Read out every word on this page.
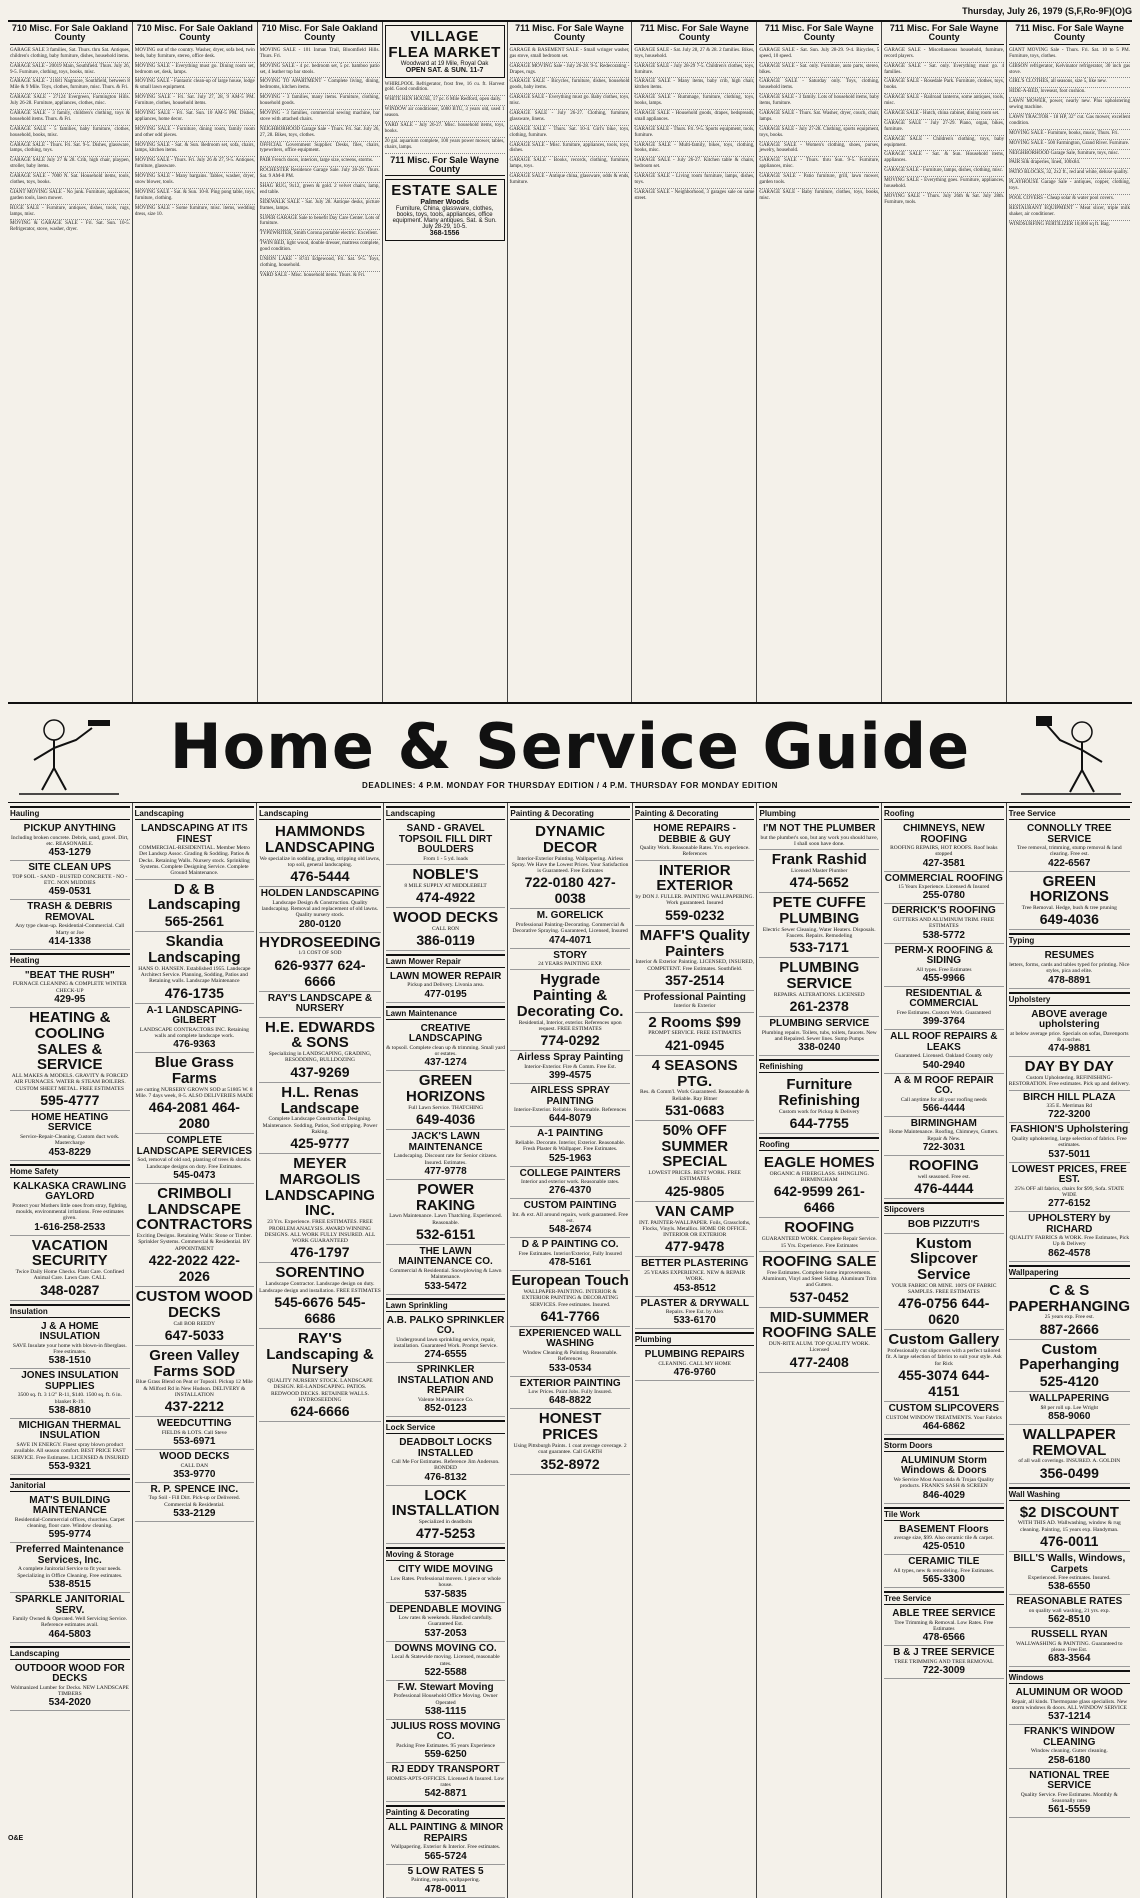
Thursday, July 26, 1979 (S,F,Ro-9F)(O)G
710 Misc. For Sale Oakland County
GARAGE SALE 3 families, Sat. Thurs. thru Sat. Antiques, children's clothing, baby furniture, dishes, household items.
GARAGE SALE - 20019 Main, Southfield. Thurs. July 26, 9-5. Furniture, clothing, toys, books, misc.
GARAGE SALE - 21681 Nagmore, Southfield, between 8 Mile & 9 Mile. Toys, clothes, furniture, misc. Thurs. & Fri.
GARAGE SALE - 27124 Evergreen, Farmington Hills. July 26-28. Furniture, appliances, clothes, misc.
GARAGE SALE - 3 family, children's clothing, toys & household items. Thurs. & Fri.
GARAGE SALE - 5 families, baby furniture, clothes, household, books, misc.
GARAGE SALE - Thurs. Fri. Sat. 9-5. Dishes, glassware, lamps, clothing, toys.
GARAGE SALE July 27 & 28. Crib, high chair, playpen, stroller, baby items.
GARAGE SALE - 7000 N. Sat. Household items, tools, clothes, toys, books.
GIANT MOVING SALE - No junk. Furniture, appliances, garden tools, lawn mower.
HUGE SALE - Furniture, antiques, dishes, tools, rugs, lamps, misc.
MOVING & GARAGE SALE - Fri. Sat. Sun. 10-5. Refrigerator, stove, washer, dryer.
710 Misc. For Sale Oakland County
MOVING out of the country. Washer, dryer, sofa bed, twin beds, baby furniture, stereo, office desk.
MOVING SALE - Everything must go. Dining room set, bedroom set, desk, lamps.
MOVING SALE - Fantastic clean-up of large house, lodge & small lawn equipment.
MOVING SALE - Fri. Sat. July 27, 28, 9 AM-5 PM. Furniture, clothes, household items.
MOVING SALE - Fri. Sat. Sun. 10 AM-5 PM. Dishes, appliances, home decor.
MOVING SALE - Furniture, dining room, family room and other odd pieces.
MOVING SALE - Sat. & Sun. Bedroom set, sofa, chairs, lamps, kitchen items.
MOVING SALE - Thurs. Fri. July 26 & 27, 9-5. Antiques, furniture, glassware.
MOVING SALE - Many bargains. Tables, washer, dryer, snow blower, tools.
MOVING SALE - Sat. & Sun. 10-8. Ping pong table, toys, furniture, clothing.
MOVING SALE - Some furniture, misc. items, wedding dress, size 10.
710 Misc. For Sale Oakland County
MOVING SALE - 101 Inman Trail, Bloomfield Hills. Thurs. Fri.
MOVING SALE - 4 pc. bedroom set, 5 pc. bamboo patio set, 4 leather top bar stools.
MOVING TO APARTMENT - Complete living, dining, bedrooms, kitchen items.
MOVING - 3 families, many items. Furniture, clothing, household goods.
MOVING - 3 families, commercial sewing machine, bar stove with attached chairs.
NEIGHBORHOOD Garage Sale - Thurs. Fri. Sat. July 26, 27, 28. Bikes, toys, clothes.
OFFICIAL Government Supplier. Desks, files, chairs, typewriters, office equipment.
PAIR French doors, interiors, large size, screens, storms.
ROCHESTER Residence Garage Sale. July 28-29. Thurs. Sat. 9 AM-8 PM.
SHAG RUG, 9x12, green & gold. 2 velvet chairs, lamp, end table.
SIDEWALK SALE - Sat. July 28. Antique desks, picture frames, lamps.
SUPER GARAGE Sale to benefit Day Care Center. Lots of furniture.
TYPEWRITER, Smith Corona portable electric. Excellent.
TWIN BED, light wood, double dresser, mattress complete, good condition.
UNION LAKE - 8741 Edgewood, Fri. Sat. 9-5. Toys, clothing, household.
YARD SALE - Misc. household items. Thurs. & Fri.
VILLAGE FLEA MARKET
Woodward at 19 Mile, Royal Oak
OPEN SAT. & SUN. 11-7
WHIRLPOOL Refrigerator, frost free, 16 cu. ft. Harvest gold. Good condition.
WHITE HEN HOUSE, 17 pc. 6 Mile Redford, open daily.
WINDOW air conditioner, 5000 BTU, 3 years old, used 1 season.
YARD SALE - July 26-27. Misc. household items, toys, books.
20 gal. aquarium complete, 100 years power mower, tables, chairs, lamps.
711 Misc. For Sale Wayne County
ESTATE SALE
Palmer Woods
Furniture, China, glassware, clothes, books, toys, tools, appliances, office equipment. Many antiques. Sat. & Sun. July 28-29, 10-5.
368-1556
711 Misc. For Sale Wayne County
GARAGE & BASEMENT SALE - Small wringer washer, gas stove, small bedroom set.
GARAGE MOVING Sale - July 26-28. 9-5. Redecorating - Drapes, rugs.
GARAGE SALE - Bicycles, furniture, dishes, household goods, baby items.
GARAGE SALE - Everything must go. Baby clothes, toys, misc.
GARAGE SALE - July 26-27. Clothing, furniture, glassware, linens.
GARAGE SALE - Thurs. Sat. 10-4. Girl's bike, toys, clothing, furniture.
GARAGE SALE - Misc. furniture, appliances, tools, toys, dishes.
GARAGE SALE - Books, records, clothing, furniture, lamps, toys.
GARAGE SALE - Antique china, glassware, odds & ends, furniture.
711 Misc. For Sale Wayne County
GARAGE SALE - Sat. July 28, 27 & 28. 2 families. Bikes, toys, household.
GARAGE SALE - July 28-29 7-5. Children's clothes, toys, furniture.
GARAGE SALE - Many items, baby crib, high chair, kitchen items.
GARAGE SALE - Rummage, furniture, clothing, toys, books, lamps.
GARAGE SALE - Household goods, drapes, bedspreads, small appliances.
GARAGE SALE - Thurs. Fri. 9-5. Sports equipment, tools, furniture.
GARAGE SALE - Multi-family, bikes, toys, clothing, books, misc.
GARAGE SALE - July 26-27. Kitchen table & chairs, bedroom set.
GARAGE SALE - Living room furniture, lamps, dishes, toys.
GARAGE SALE - Neighborhood, 3 garages sale on same street.
711 Misc. For Sale Wayne County
GARAGE SALE - Sat. Sun. July 28-29. 9-4. Bicycles, 5 speed, 10 speed.
GARAGE SALE - Sat. only. Furniture, auto parts, stereo, bikes.
GARAGE SALE - Saturday only. Toys, clothing, household items.
GARAGE SALE - 3 family. Lots of household items, baby items, furniture.
GARAGE SALE - Thurs. Sat. Washer, dryer, couch, chair, lamps.
GARAGE SALE - July 27-28. Clothing, sports equipment, toys, books.
GARAGE SALE - Women's clothing, shoes, purses, jewelry, household.
GARAGE SALE - Thurs. thru Sun. 9-5. Furniture, appliances, misc.
GARAGE SALE - Patio furniture, grill, lawn mower, garden tools.
GARAGE SALE - Baby furniture, clothes, toys, books, misc.
711 Misc. For Sale Wayne County
GARAGE SALE - Miscellaneous household, furniture, record players.
GARAGE SALE - Sat. only. Everything must go. 4 families.
GARAGE SALE - Rosedale Park. Furniture, clothes, toys, books.
GARAGE SALE - Railroad lanterns, some antiques, tools, misc.
GARAGE SALE - Hutch, china cabinet, dining room set.
GARAGE SALE - July 27-29. Piano, organ, bikes, furniture.
GARAGE SALE - Children's clothing, toys, baby equipment.
GARAGE SALE - Sat. & Sun. Household items, appliances.
GARAGE SALE - Furniture, lamps, dishes, clothing, misc.
MOVING SALE - Everything goes. Furniture, appliances, household.
MOVING SALE - Thurs. July 26th & Sat. July 28th. Furniture, tools.
711 Misc. For Sale Wayne County
GIANT MOVING Sale - Thurs. Fri. Sat. 10 to 5 PM. Furniture, toys, clothes.
GIBSON refrigerator, Kelvinator refrigerator, 30 inch gas stove.
GIRL'S CLOTHES, all seasons, size 5, like new.
HIDE-A-BED, loveseat, foot cushion.
LAWN MOWER, power, nearly new. Plus upholstering sewing machine.
LAWN TRACTOR - 18 HP, 32" cut. Gas mower, excellent condition.
MOVING SALE - Furniture, books, music, Thurs. Fri.
MOVING SALE - 500 Farmington, Grand River. Furniture.
NEIGHBORHOOD Garage Sale, furniture, toys, misc.
PAIR Silk draperies, lined, 100x84.
PATIO BLOCKS, 32, 2x2 ft., red and white, deluxe quality.
PLAYHOUSE Garage Sale - antiques, copper, clothing, toys.
POOL COVERS - Cheap solar & water pool covers.
RESTAURANT EQUIPMENT - Meat slicer, triple milk shaker, air conditioner.
WINDSURFING FERTILIZER 10,000 sq ft. Bag.
Home & Service Guide
DEADLINES: 4 P.M. MONDAY FOR THURSDAY EDITION / 4 P.M. THURSDAY FOR MONDAY EDITION
Hauling
PICKUP ANYTHING
Including broken concrete. Debris, sand, gravel. Dirt, etc. REASONABLE.
453-1279
SITE CLEAN UPS
TOP SOIL - SAND - BUSTED CONCRETE - NO - ETC. NON MUDDIES
459-0531
TRASH & DEBRIS REMOVAL
Any type clean-up. Residential-Commercial. Call Marty or Joe
414-1338
Heating
"BEAT THE RUSH"
FURNACE CLEANING & COMPLETE WINTER CHECK-UP
429-95
HEATING & COOLING SALES & SERVICE
ALL MAKES & MODELS. GRAVITY & FORCED AIR FURNACES. WATER & STEAM BOILERS. CUSTOM SHEET METAL. FREE ESTIMATES
595-4777
HOME HEATING SERVICE
Service-Repair-Cleaning. Custom duct work. Mastercharge
453-8229
Home Safety
KALKASKA CRAWLING GAYLORD
Protect your Mothers little ones from stray, fighting, moulds, environmental irritations. Free estimates given.
1-616-258-2533
VACATION SECURITY
Twice Daily Home Checks. Plant Care. Confined Animal Care. Lawn Care. CALL
348-0287
Insulation
J & A HOME INSULATION
SAVE Insulate your home with blown-in fiberglass. Free estimates.
538-1510
JONES INSULATION SUPPLIES
3500 sq. ft. 3 1/2" R-11, $140. 1500 sq. ft. 6 in. blanket R-19.
538-8810
MICHIGAN THERMAL INSULATION
SAVE IN ENERGY. Finest spray blown product available. All season comfort. BEST PRICE FAST SERVICE. Free Estimates. LICENSED & INSURED
553-9321
Janitorial
MAT'S BUILDING MAINTENANCE
Residential-Commercial offices, churches. Carpet cleaning, floor care. Window cleaning.
595-9774
Preferred Maintenance Services, Inc.
A complete Janitorial Service to fit your needs. Specializing in Office Cleaning. Free estimates.
538-8515
SPARKLE JANITORIAL SERV.
Family Owned & Operated. Well Servicing Service. Reference estimates avail.
464-5803
Landscaping
OUTDOOR WOOD FOR DECKS
Wolmanized Lumber for Decks. NEW LANDSCAPE TIMBERS
534-2020
Landscaping
LANDSCAPING AT ITS FINEST
COMMERCIAL-RESIDENTIAL. Member Metro Det Landscp Assoc. Grading & Sodding. Patios & Decks. Retaining Walls. Nursery stock. Sprinkling Systems. Complete Designing Service. Complete Ground Maintenance.
D & B Landscaping
565-2561
Skandia Landscaping
HANS O. HANSEN. Established 1955. Landscape Architect Service. Planning, Sodding, Patios and Retaining walls. Landscape Maintenance
476-1735
A-1 LANDSCAPING-GILBERT
LANDSCAPE CONTRACTORS INC. Retaining walls and complete landscape work.
476-9363
Blue Grass Farms
are cutting NURSERY GROWN SOD at 51805 W. 8 Mile. 7 days week, 8-5. ALSO DELIVERIES MADE
464-2081 464-2080
COMPLETE LANDSCAPE SERVICES
Sod, removal of old sod, planting of trees & shrubs. Landscape designs on duty. Free Estimates.
545-0473
CRIMBOLI LANDSCAPE CONTRACTORS
Exciting Designs. Retaining Walls: Stone or Timber. Sprinkler Systems. Commercial & Residential. BY APPOINTMENT
422-2022 422-2026
CUSTOM WOOD DECKS
Call BOB REEDY
647-5033
Green Valley Farms SOD
Blue Grass Blend on Peat or Topsoil. Pickup 12 Mile & Milford Rd in New Hudson. DELIVERY & INSTALLATION
437-2212
WEEDCUTTING
FIELDS & LOTS. Call Steve
553-6971
WOOD DECKS
CALL DAN
353-9770
R. P. SPENCE INC.
Top Soil - Fill Dirt. Pick-up or Delivered. Commercial & Residential.
533-2129
Landscaping
HAMMONDS LANDSCAPING
We specialize in sodding, grading, stripping old lawns, top soil, general landscaping.
476-5444
HOLDEN LANDSCAPING
Landscape Design & Construction. Quality landscaping. Removal and replacement of old lawns. Quality nursery stock.
280-0120
HYDROSEEDING
1/3 COST OF SOD
626-9377 624-6666
RAY'S LANDSCAPE & NURSERY
H.E. EDWARDS & SONS
Specializing in LANDSCAPING, GRADING, RESODDING, BULLDOZING
437-9269
H.L. Renas Landscape
Complete Landscape Construction. Designing. Maintenance. Sodding, Patios, Sod stripping. Power Raking.
425-9777
MEYER MARGOLIS LANDSCAPING INC.
23 Yrs. Experience. FREE ESTIMATES. FREE PROBLEM ANALYSIS. AWARD WINNING DESIGNS. ALL WORK FULLY INSURED. ALL WORK GUARANTEED
476-1797
SORENTINO
Landscape Contractor. Landscape design on duty. Landscape design and installation. FREE ESTIMATES
545-6676 545-6686
RAY'S Landscaping & Nursery
QUALITY NURSERY STOCK. LANDSCAPE DESIGN. RE-LANDSCAPING. PATIOS. REDWOOD DECKS. RETAINER WALLS. HYDROSEEDING
624-6666
Landscaping
SAND - GRAVEL TOPSOIL FILL DIRT BOULDERS
From 1 - 5 yd. loads
NOBLE'S
8 MILE SUPPLY AT MIDDLEBELT
474-4922
WOOD DECKS
CALL RON
386-0119
Lawn Mower Repair
LAWN MOWER REPAIR
Pickup and Delivery. Livonia area.
477-0195
Lawn Maintenance
CREATIVE LANDSCAPING
& topsoil. Complete clean up & trimming. Small yard or estates.
437-1274
GREEN HORIZONS
Full Lawn Service. THATCHING
649-4036
JACK'S LAWN MAINTENANCE
Landscaping. Discount rate for Senior citizens. Insured. Estimates.
477-9778
POWER RAKING
Lawn Maintenance. Lawn Thatching. Experienced. Reasonable.
532-6151
THE LAWN MAINTENANCE CO.
Commercial & Residential. Snowplowing & Lawn Maintenance.
533-5472
Lawn Sprinkling
A.B. PALKO SPRINKLER CO.
Underground lawn sprinkling service, repair, installation. Guaranteed Work. Prompt Service.
274-6555
SPRINKLER INSTALLATION AND REPAIR
Valente Maintenance Co.
852-0123
Lock Service
DEADBOLT LOCKS INSTALLED
Call Me For Estimates. Reference Jim Anderson. BONDED
476-8132
LOCK INSTALLATION
Specialized in deadbolts
477-5253
Moving & Storage
CITY WIDE MOVING
Low Rates. Professional movers. 1 piece or whole house.
537-5835
DEPENDABLE MOVING
Low rates & weekends. Handled carefully. Guaranteed Est.
537-2053
DOWNS MOVING CO.
Local & Statewide moving. Licensed, reasonable rates.
522-5588
F.W. Stewart Moving
Professional Household Office Moving. Owner Operated
538-1115
JULIUS ROSS MOVING CO.
Packing Free Estimates. 95 years Experience
559-6250
RJ EDDY TRANSPORT
HOMES-APTS-OFFICES. Licensed & Insured. Low rates
542-8871
Painting & Decorating
ALL PAINTING & MINOR REPAIRS
Wallpapering. Exterior & Interior. Free estimates.
565-5724
5 LOW RATES 5
Painting, repairs, wallpapering.
478-0011
Painting & Decorating
DYNAMIC DECOR
Interior-Exterior Painting. Wallpapering. Airless Spray. We Have the Lowest Prices. Your Satisfaction is Guaranteed. Free Estimates
722-0180 427-0038
M. GORELICK
Professional Painting-Decorating. Commercial & Decorative Spraying. Guaranteed, Licensed, Insured
474-4071
STORY
24 YEARS PAINTING EXP.
Hygrade Painting & Decorating Co.
Residential, Interior, exterior. References upon request. FREE ESTIMATES
774-0292
Airless Spray Painting
Interior-Exterior. Fire & Comm. Free Est.
399-4575
AIRLESS SPRAY PAINTING
Interior-Exterior. Reliable. Reasonable. References
644-8079
A-1 PAINTING
Reliable. Decorate. Interior, Exterior. Reasonable. Fresh Plaster & Wallpaper. Free Estimates.
525-1963
COLLEGE PAINTERS
Interior and exterior work. Reasonable rates.
276-4370
CUSTOM PAINTING
Int. & ext. All around repairs, work guaranteed. Free est.
548-2674
D & P PAINTING CO.
Free Estimates. Interior/Exterior, Fully Insured
478-5161
European Touch
WALLPAPER-PAINTING. INTERIOR & EXTERIOR PAINTING & DECORATING SERVICES. Free estimates. Insured.
641-7766
EXPERIENCED WALL WASHING
Window Cleaning & Painting. Reasonable. References
533-0534
EXTERIOR PAINTING
Low Prices. Paint Jobs. Fully Insured.
648-8822
HONEST PRICES
Using Pittsburgh Paints. 1 coat average coverage. 2 coat guarantee. Call GARTH
352-8972
Painting & Decorating
HOME REPAIRS - DEBBIE & GUY
Quality Work. Reasonable Rates. Yrs. experience. References
INTERIOR EXTERIOR
by DON J. FULLER. PAINTING WALLPAPERING. Work guaranteed. Insured
559-0232
MAFF'S Quality Painters
Interior & Exterior Painting. LICENSED, INSURED, COMPETENT. Free Estimates. Southfield.
357-2514
Professional Painting
Interior & Exterior
2 Rooms $99
PROMPT SERVICE. FREE ESTIMATES
421-0945
4 SEASONS PTG.
Res. & Comm'l. Work Guaranteed. Reasonable & Reliable. Ray Bitner
531-0683
50% OFF SUMMER SPECIAL
LOWEST PRICES. BEST WORK. FREE ESTIMATES
425-9805
VAN CAMP
INT. PAINTER-WALLPAPER. Foils, Grasscloths, Flocks, Vinyls. Metallics. HOME OR OFFICE. INTERIOR OR EXTERIOR
477-9478
BETTER PLASTERING
25 YEARS EXPERIENCE. NEW & REPAIR WORK.
453-8512
PLASTER & DRYWALL
Repairs. Free Est. by Alex
533-6170
Plumbing
PLUMBING REPAIRS
CLEANING. CALL MY HOME
476-9760
Plumbing
I'M NOT THE PLUMBER
but the plumber's son, but any work you should have, I shall soon have done.
Frank Rashid
Licensed Master Plumber
474-5652
PETE CUFFE PLUMBING
Electric Sewer Cleaning. Water Heaters. Disposals. Faucets. Repairs. Remodeling
533-7171
PLUMBING SERVICE
REPAIRS. ALTERATIONS. LICENSED
261-2378
PLUMBING SERVICE
Plumbing repairs. Toilets, tubs, toilets, faucets. New and Repaired. Sewer lines. Sump Pumps
338-0240
Refinishing
Furniture Refinishing
Custom work for Pickup & Delivery
644-7755
Roofing
EAGLE HOMES
ORGANIC & FIBERGLASS. SHINGLING. BIRMINGHAM
642-9599 261-6466
ROOFING
GUARANTEED WORK. Complete Repair Service. 15 Yrs. Experience. Free Estimates
ROOFING SALE
Free Estimates. Complete home improvements. Aluminum, Vinyl and Steel Siding. Aluminum Trim and Gutters.
537-0452
MID-SUMMER ROOFING SALE
DUN-RITE ALUM. TOP QUALITY WORK. Licensed
477-2408
Roofing
CHIMNEYS, NEW ROOFING
ROOFING REPAIRS, HOT ROOFS. Roof leaks stopped
427-3581
COMMERCIAL ROOFING
15 Years Experience. Licensed & Insured
255-0780
DERRICK'S ROOFING
GUTTERS AND ALUMINUM TRIM. FREE ESTIMATES
538-5772
PERM-X ROOFING & SIDING
All types. Free Estimates
455-9966
RESIDENTIAL & COMMERCIAL
Free Estimates. Custom Work. Guaranteed
399-3764
ALL ROOF REPAIRS & LEAKS
Guaranteed. Licensed. Oakland County only
540-2940
A & M ROOF REPAIR CO.
Call anytime for all your roofing needs
566-4444
BIRMINGHAM
Home Maintenance. Roofing, Chimneys, Gutters. Repair & New.
722-3031
ROOFING
well seasoned. Free est.
476-4444
Slipcovers
BOB PIZZUTI'S
Kustom Slipcover Service
YOUR FABRIC OR MINE. 100'S OF FABRIC SAMPLES. FREE ESTIMATES
476-0756 644-0620
Custom Gallery
Professionally cut slipcovers with a perfect tailored fit. A large selection of fabrics to suit your style. Ask for Rick
455-3074 644-4151
CUSTOM SLIPCOVERS
CUSTOM WINDOW TREATMENTS. Your Fabrics
464-6862
Storm Doors
ALUMINUM Storm Windows & Doors
We Service Most Anaconda & Trojan Quality products. FRANK'S SASH & SCREEN
846-4029
Tile Work
BASEMENT Floors
average size, $99. Also ceramic tile & carpet.
425-0510
CERAMIC TILE
All types, new & remodeling. Free Estimates.
565-3300
Tree Service
ABLE TREE SERVICE
Tree Trimming & Removal. Low Rates. Free Estimates
478-6566
B & J TREE SERVICE
TREE TRIMMING AND TREE REMOVAL
722-3009
Tree Service
CONNOLLY TREE SERVICE
Tree removal, trimming, stump removal & land clearing. Free est.
422-6567
GREEN HORIZONS
Tree Removal. Hedge, bush & tree pruning
649-4036
Typing
RESUMES
letters, forms, cards and tables typed for printing. Nice styles, pica and elite.
478-8891
Upholstery
ABOVE average upholstering
at below average price. Specials on sofas, Davenports & couches.
474-9881
DAY BY DAY
Custom Upholstering. REFINISHING-RESTORATION. Free estimates. Pick up and delivery.
BIRCH HILL PLAZA
335 E. Merriman Rd
722-3200
FASHION'S Upholstering
Quality upholstering, large selection of fabrics. Free estimates.
537-5011
LOWEST PRICES, FREE EST.
25% OFF all fabrics, chairs for $99, Sofa. STATE WIDE
277-6152
UPHOLSTERY by RICHARD
QUALITY FABRICS & WORK. Free Estimates, Pick Up & Delivery
862-4578
Wallpapering
C & S PAPERHANGING
25 years exp. Free est.
887-2666
Custom Paperhanging
525-4120
WALLPAPERING
$8 per roll up. Lee Wright
858-9060
WALLPAPER REMOVAL
of all wall coverings. INSURED. A. GOLDIN
356-0499
Wall Washing
$2 DISCOUNT
WITH THIS AD. Wallwashing, window & rug cleaning. Painting, 15 years exp. Handyman.
476-0011
BILL'S Walls, Windows, Carpets
Experienced. Free estimates. Insured.
538-6550
REASONABLE RATES
on quality wall washing, 21 yrs. exp.
562-8510
RUSSELL RYAN
WALLWASHING & PAINTING. Guaranteed to please. Free Est.
683-3564
Windows
ALUMINUM OR WOOD
Repair, all kinds. Thermopane glass specialists. New storm windows & doors. ALL WINDOW SERVICE
537-1214
FRANK'S WINDOW CLEANING
Window cleaning. Gutter cleaning.
258-6180
NATIONAL TREE SERVICE
Quality Service. Free Estimates. Monthly & Seasonally rates
561-5559
O&E
